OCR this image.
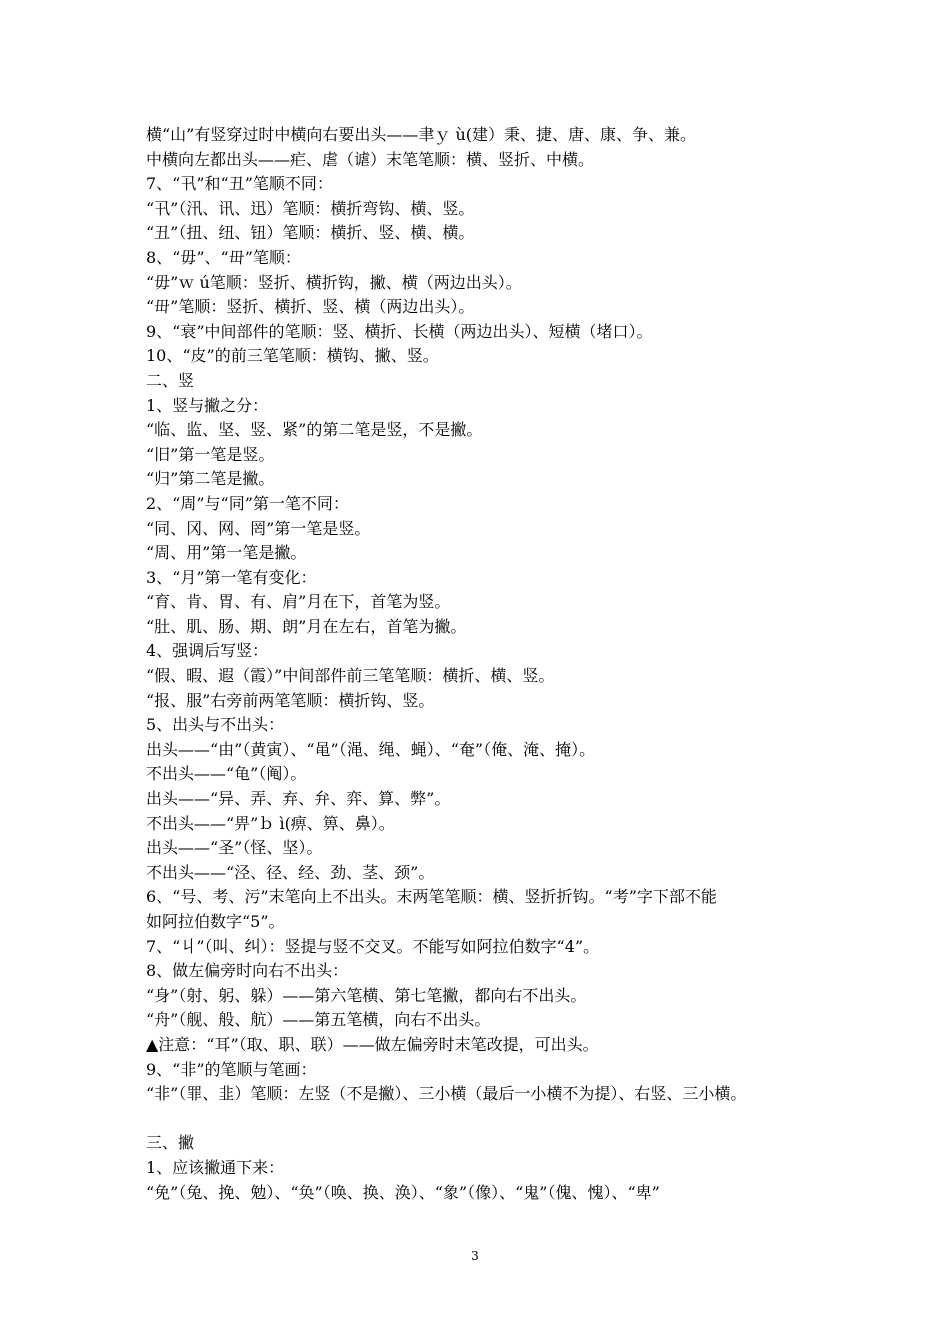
横“山”有竖穿过时中横向右要出头——聿ｙ ù(建）秉、捷、唐、康、争、兼。
中横向左都出头——疟、虐（谑）末笔笔顺：横、竖折、中横。
7、“卂”和“丑”笔顺不同：
“卂”（汛、讯、迅）笔顺：横折弯钩、横、竖。
“丑”（扭、纽、钮）笔顺：横折、竖、横、横。
8、“毋”、“毌”笔顺：
“毋”ｗ ú笔顺：竖折、横折钩，撇、横（两边出头）。
“毌”笔顺：竖折、横折、竖、横（两边出头）。
9、“衰”中间部件的笔顺：竖、横折、长横（两边出头）、短横（堵口）。
10、“皮”的前三笔笔顺：横钩、撇、竖。
二、竖
1、竖与撇之分：
“临、监、坚、竖、紧”的第二笔是竖，不是撇。
“旧”第一笔是竖。
“归”第二笔是撇。
2、“周”与“同”第一笔不同：
“同、冈、网、罔”第一笔是竖。
“周、用”第一笔是撇。
3、“月”第一笔有变化：
“育、肯、胃、有、肩”月在下，首笔为竖。
“肚、肌、肠、期、朗”月在左右，首笔为撇。
4、强调后写竖：
“假、暇、遐（霞）”中间部件前三笔笔顺：横折、横、竖。
“报、服”右旁前两笔笔顺：横折钩、竖。
5、出头与不出头：
出头——“由”（黄寅）、“黾”（渑、绳、蝇）、“奄”（俺、淹、掩）。
不出头——“龟”（阄）。
出头——“异、弄、弃、弁、弈、算、弊”。
不出头——“畀”ｂ ì(痹、箅、鼻）。
出头——“圣”（怪、坚）。
不出头——“泾、径、经、劲、茎、颈”。
6、“号、考、污”末笔向上不出头。末两笔笔顺：横、竖折折钩。“考”字下部不能
如阿拉伯数字“5”。
7、“丩”（叫、纠）：竖提与竖不交叉。不能写如阿拉伯数字“4”。
8、做左偏旁时向右不出头：
“身”（射、躬、躲）——第六笔横、第七笔撇，都向右不出头。
“舟”（舰、般、航）——第五笔横，向右不出头。
▲注意：“耳”（取、职、联）——做左偏旁时末笔改提，可出头。
9、“非”的笔顺与笔画：
“非”（罪、韭）笔顺：左竖（不是撇）、三小横（最后一小横不为提）、右竖、三小横。
三、撇
1、应该撇通下来：
“免”（兔、挽、勉）、“奂”（唤、换、涣）、“象”（像）、“鬼”（傀、愧）、“卑”
3
